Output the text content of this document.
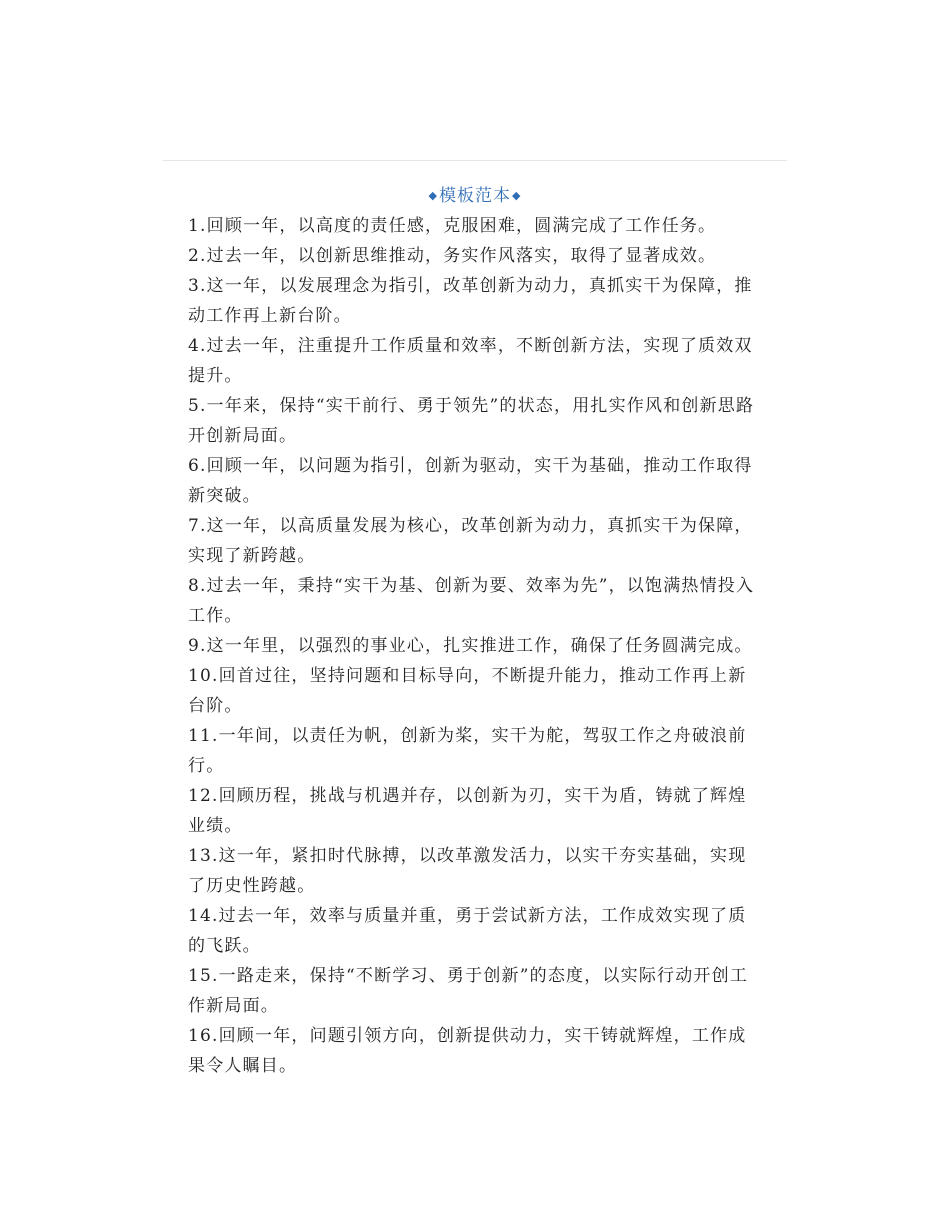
◆模板范本◆

1.回顾一年，以高度的责任感，克服困难，圆满完成了工作任务。

2.过去一年，以创新思维推动，务实作风落实，取得了显著成效。

3.这一年，以发展理念为指引，改革创新为动力，真抓实干为保障，推动工作再上新台阶。

4.过去一年，注重提升工作质量和效率，不断创新方法，实现了质效双提升。

5.一年来，保持“实干前行、勇于领先”的状态，用扎实作风和创新思路开创新局面。

6.回顾一年，以问题为指引，创新为驱动，实干为基础，推动工作取得新突破。

7.这一年，以高质量发展为核心，改革创新为动力，真抓实干为保障，实现了新跨越。

8.过去一年，秉持“实干为基、创新为要、效率为先”，以饱满热情投入工作。

9.这一年里，以强烈的事业心，扎实推进工作，确保了任务圆满完成。

10.回首过往，坚持问题和目标导向，不断提升能力，推动工作再上新台阶。

11.一年间，以责任为帆，创新为桨，实干为舵，驾驭工作之舟破浪前行。

12.回顾历程，挑战与机遇并存，以创新为刃，实干为盾，铸就了辉煌业绩。

13.这一年，紧扣时代脉搏，以改革激发活力，以实干夯实基础，实现了历史性跨越。

14.过去一年，效率与质量并重，勇于尝试新方法，工作成效实现了质的飞跃。

15.一路走来，保持“不断学习、勇于创新”的态度，以实际行动开创工作新局面。

16.回顾一年，问题引领方向，创新提供动力，实干铸就辉煌，工作成果令人瞩目。
